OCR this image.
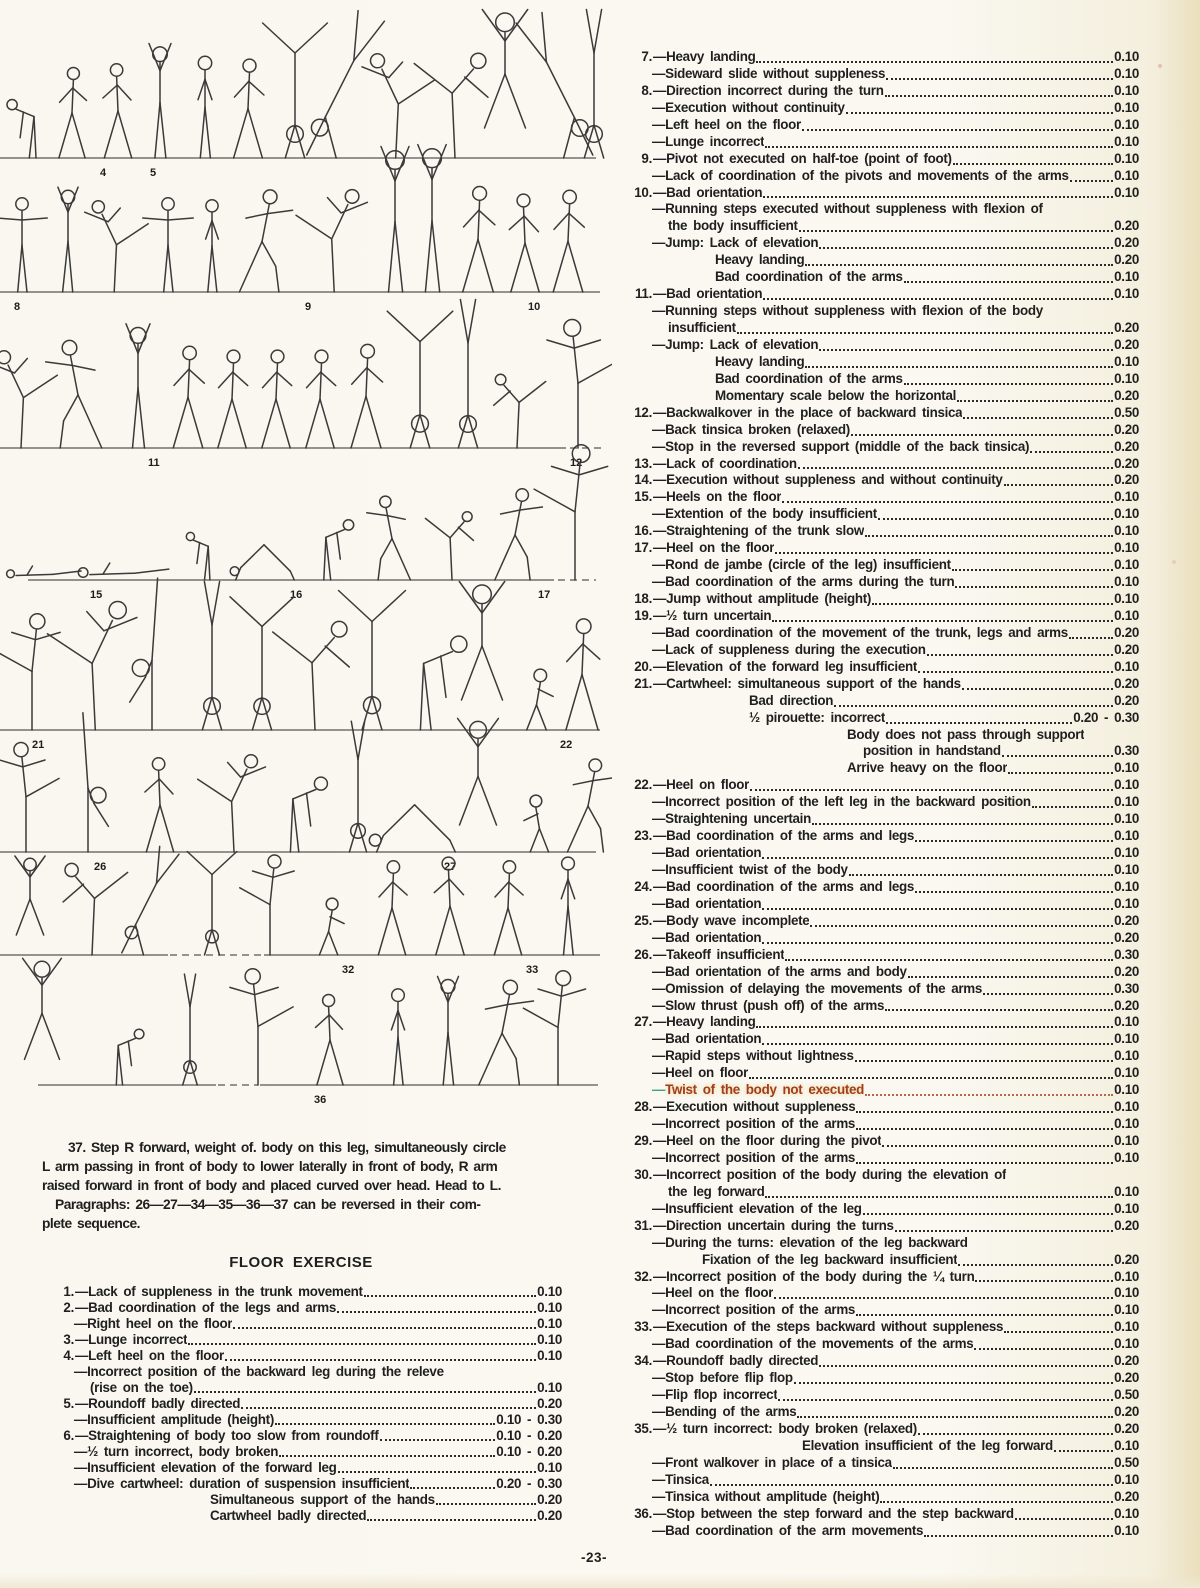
4	5
8	9	10
11	12
15	16	17
21	22
26	27
32	33
36
37. Step R forward, weight of. body on this leg, simultaneously circle
L arm passing in front of body to lower laterally in front of body, R arm
raised forward in front of body and placed curved over head. Head to L.
Paragraphs: 26—27—34—35—36—37 can be reversed in their com-
plete sequence.
FLOOR EXERCISE
1. — Lack of suppleness in the trunk movement	0.10
2. — Bad coordination of the legs and arms	0.10
— Right heel on the floor	0.10
3. — Lunge incorrect	0.10
4. — Left heel on the floor	0.10
— Incorrect position of the backward leg during the releve
(rise on the toe)	0.10
5. — Roundoff badly directed	0.20
— Insufficient amplitude (height)	0.10 - 0.30
6. — Straightening of body too slow from roundoff	0.10 - 0.20
— ½ turn incorrect, body broken	0.10 - 0.20
— Insufficient elevation of the forward leg	0.10
— Dive cartwheel: duration of suspension insufficient	0.20 - 0.30
Simultaneous support of the hands	0.20
Cartwheel badly directed	0.20
7. — Heavy landing	0.10
— Sideward slide without suppleness	0.10
8. — Direction incorrect during the turn	0.10
— Execution without continuity	0.10
— Left heel on the floor	0.10
— Lunge incorrect	0.10
9. — Pivot not executed on half-toe (point of foot)	0.10
— Lack of coordination of the pivots and movements of the arms	0.10
10. — Bad orientation	0.10
— Running steps executed without suppleness with flexion of
the body insufficient	0.20
— Jump: Lack of elevation	0.20
Heavy landing	0.20
Bad coordination of the arms	0.10
11. — Bad orientation	0.10
— Running steps without suppleness with flexion of the body
insufficient	0.20
— Jump: Lack of elevation	0.20
Heavy landing	0.10
Bad coordination of the arms	0.10
Momentary scale below the horizontal	0.20
12. — Backwalkover in the place of backward tinsica	0.50
— Back tinsica broken (relaxed)	0.20
— Stop in the reversed support (middle of the back tinsica)	0.20
13. — Lack of coordination	0.20
14. — Execution without suppleness and without continuity	0.20
15. — Heels on the floor	0.10
— Extention of the body insufficient	0.10
16. — Straightening of the trunk slow	0.10
17. — Heel on the floor	0.10
— Rond de jambe (circle of the leg) insufficient	0.10
— Bad coordination of the arms during the turn	0.10
18. — Jump without amplitude (height)	0.10
19. — ½ turn uncertain	0.10
— Bad coordination of the movement of the trunk, legs and arms	0.20
— Lack of suppleness during the execution	0.20
20. — Elevation of the forward leg insufficient	0.10
21. — Cartwheel: simultaneous support of the hands	0.20
Bad direction	0.20
½ pirouette: incorrect	0.20 - 0.30
Body does not pass through support
position in handstand	0.30
Arrive heavy on the floor	0.10
22. — Heel on floor	0.10
— Incorrect position of the left leg in the backward position	0.10
— Straightening uncertain	0.10
23. — Bad coordination of the arms and legs	0.10
— Bad orientation	0.10
— Insufficient twist of the body	0.10
24. — Bad coordination of the arms and legs	0.10
— Bad orientation	0.10
25. — Body wave incomplete	0.20
— Bad orientation	0.20
26. — Takeoff insufficient	0.30
— Bad orientation of the arms and body	0.20
— Omission of delaying the movements of the arms	0.30
— Slow thrust (push off) of the arms	0.20
27. — Heavy landing	0.10
— Bad orientation	0.10
— Rapid steps without lightness	0.10
— Heel on floor	0.10
— Twist of the body not executed	0.10
28. — Execution without suppleness	0.10
— Incorrect position of the arms	0.10
29. — Heel on the floor during the pivot	0.10
— Incorrect position of the arms	0.10
30. — Incorrect position of the body during the elevation of
the leg forward	0.10
— Insufficient elevation of the leg	0.10
31. — Direction uncertain during the turns	0.20
— During the turns: elevation of the leg backward
Fixation of the leg backward insufficient	0.20
32. — Incorrect position of the body during the ¼ turn	0.10
— Heel on the floor	0.10
— Incorrect position of the arms	0.10
33. — Execution of the steps backward without suppleness	0.10
— Bad coordination of the movements of the arms	0.10
34. — Roundoff badly directed	0.20
— Stop before flip flop	0.20
— Flip flop incorrect	0.50
— Bending of the arms	0.20
35. — ½ turn incorrect: body broken (relaxed)	0.20
Elevation insufficient of the leg forward	0.10
— Front walkover in place of a tinsica	0.50
— Tinsica	0.10
— Tinsica without amplitude (height)	0.20
36. — Stop between the step forward and the step backward	0.10
— Bad coordination of the arm movements	0.10
-23-
